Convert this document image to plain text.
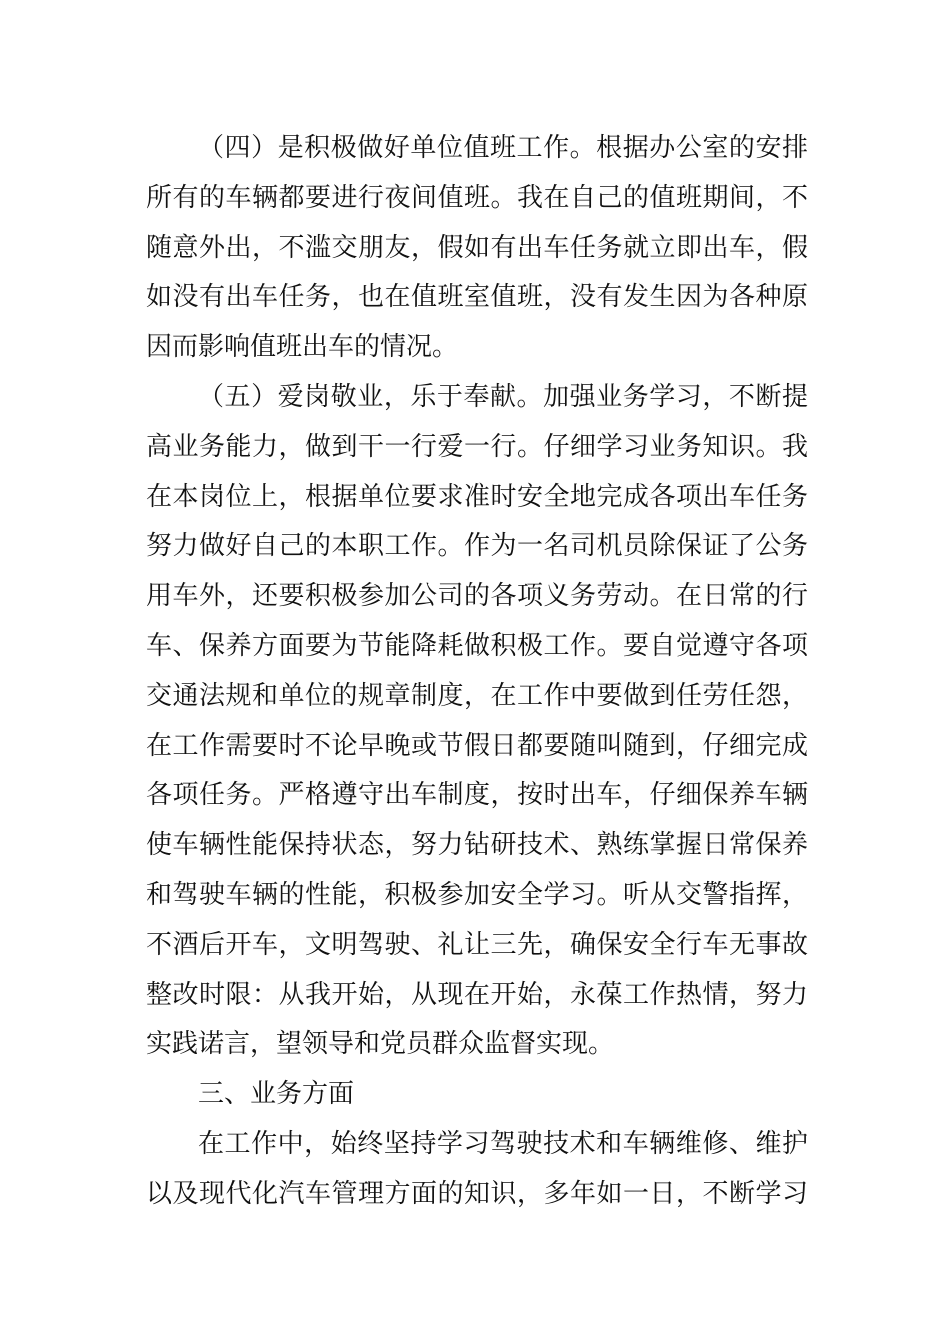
（四）是积极做好单位值班工作。根据办公室的安排
所有的车辆都要进行夜间值班。我在自己的值班期间，不
随意外出，不滥交朋友，假如有出车任务就立即出车，假
如没有出车任务，也在值班室值班，没有发生因为各种原
因而影响值班出车的情况。
（五）爱岗敬业，乐于奉献。加强业务学习，不断提
高业务能力，做到干一行爱一行。仔细学习业务知识。我
在本岗位上，根据单位要求准时安全地完成各项出车任务
努力做好自己的本职工作。作为一名司机员除保证了公务
用车外，还要积极参加公司的各项义务劳动。在日常的行
车、保养方面要为节能降耗做积极工作。要自觉遵守各项
交通法规和单位的规章制度，在工作中要做到任劳任怨，
在工作需要时不论早晚或节假日都要随叫随到，仔细完成
各项任务。严格遵守出车制度，按时出车，仔细保养车辆
使车辆性能保持状态，努力钻研技术、熟练掌握日常保养
和驾驶车辆的性能，积极参加安全学习。听从交警指挥，
不酒后开车，文明驾驶、礼让三先，确保安全行车无事故
整改时限：从我开始，从现在开始，永葆工作热情，努力
实践诺言，望领导和党员群众监督实现。
三、业务方面
在工作中，始终坚持学习驾驶技术和车辆维修、维护
以及现代化汽车管理方面的知识，多年如一日，不断学习
